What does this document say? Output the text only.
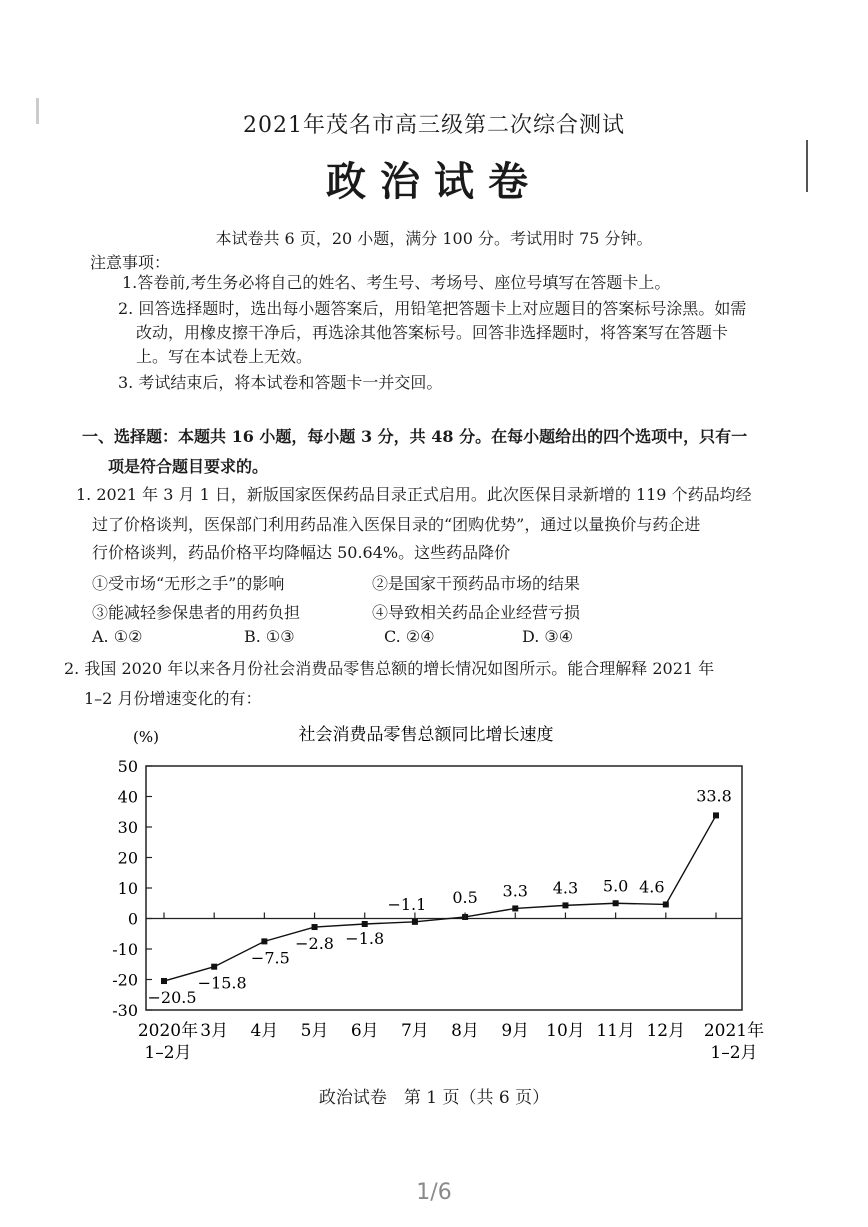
2021年茂名市高三级第二次综合测试
政治试卷
本试卷共 6 页，20 小题，满分 100 分。考试用时 75 分钟。
注意事项：
1.答卷前,考生务必将自己的姓名、考生号、考场号、座位号填写在答题卡上。
2. 回答选择题时，选出每小题答案后，用铅笔把答题卡上对应题目的答案标号涂黑。如需
改动，用橡皮擦干净后，再选涂其他答案标号。回答非选择题时，将答案写在答题卡
上。写在本试卷上无效。
3. 考试结束后，将本试卷和答题卡一并交回。
一、选择题：本题共 16 小题，每小题 3 分，共 48 分。在每小题给出的四个选项中，只有一
项是符合题目要求的。
1. 2021 年 3 月 1 日，新版国家医保药品目录正式启用。此次医保目录新增的 119 个药品均经
过了价格谈判，医保部门利用药品准入医保目录的“团购优势”，通过以量换价与药企进
行价格谈判，药品价格平均降幅达 50.64%。这些药品降价
①受市场“无形之手”的影响	②是国家干预药品市场的结果
③能减轻参保患者的用药负担	④导致相关药品企业经营亏损
A. ①②	B. ①③	C. ②④	D. ③④
2. 我国 2020 年以来各月份社会消费品零售总额的增长情况如图所示。能合理解释 2021 年
1–2 月份增速变化的有：
社会消费品零售总额同比增长速度
(%)
50
40
30
20
10
0
-10
-20
-30
−20.5
−15.8
−7.5
−2.8 −1.8
−1.1 0.5 3.3 4.3 5.0 4.6
33.8
2020年
1–2月
3月 4月 5月 6月 7月 8月 9月 10月 11月 12月 2021年
1–2月
政治试卷　第 1 页（共 6 页）
1/6
